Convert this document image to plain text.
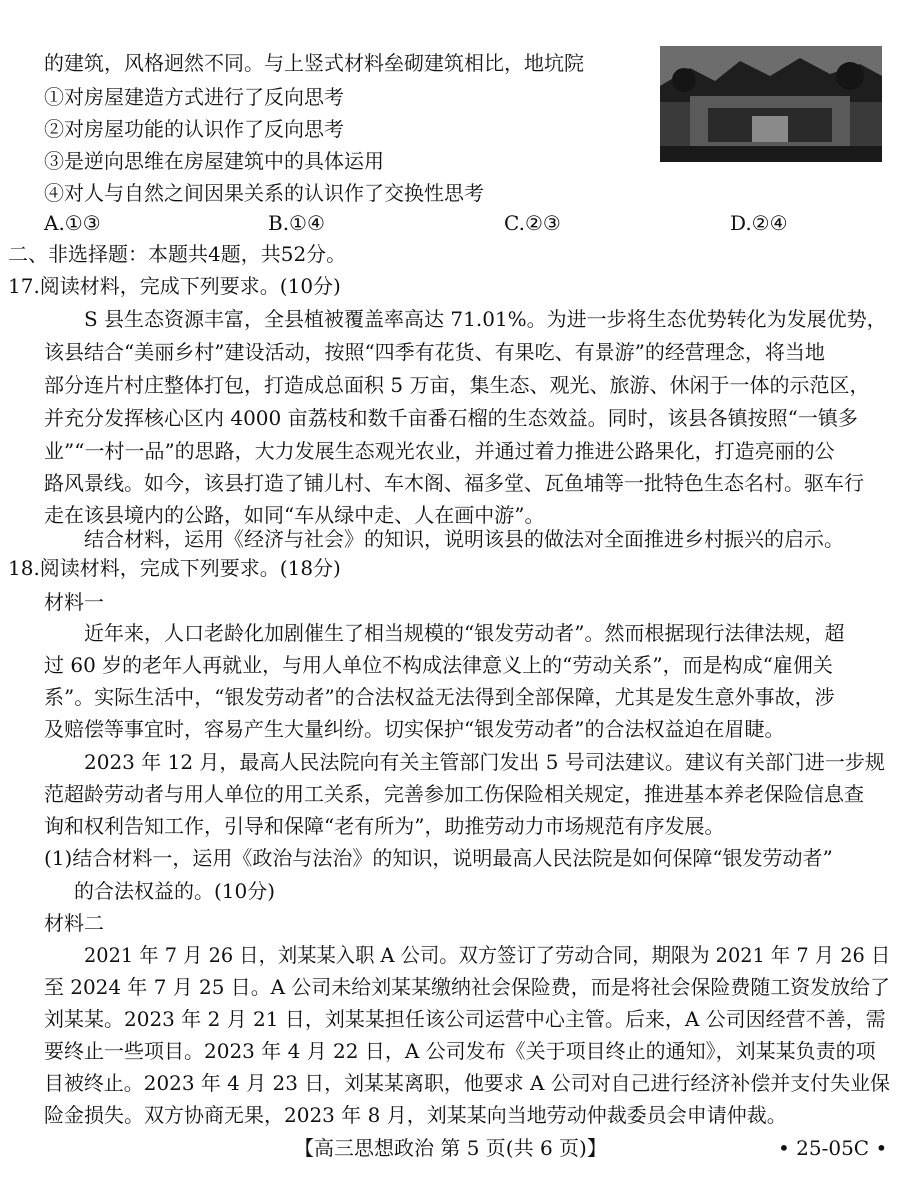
的建筑，风格迥然不同。与上竖式材料垒砌建筑相比，地坑院
①对房屋建造方式进行了反向思考
②对房屋功能的认识作了反向思考
③是逆向思维在房屋建筑中的具体运用
④对人与自然之间因果关系的认识作了交换性思考
A.①③	B.①④	C.②③	D.②④
二、非选择题：本题共4题，共52分。
17.阅读材料，完成下列要求。(10分)
S 县生态资源丰富，全县植被覆盖率高达 71.01%。为进一步将生态优势转化为发展优势，
该县结合“美丽乡村”建设活动，按照“四季有花货、有果吃、有景游”的经营理念，将当地
部分连片村庄整体打包，打造成总面积 5 万亩，集生态、观光、旅游、休闲于一体的示范区，
并充分发挥核心区内 4000 亩荔枝和数千亩番石榴的生态效益。同时，该县各镇按照“一镇多
业”“一村一品”的思路，大力发展生态观光农业，并通过着力推进公路果化，打造亮丽的公
路风景线。如今，该县打造了铺儿村、车木阁、福多堂、瓦鱼埔等一批特色生态名村。驱车行
走在该县境内的公路，如同“车从绿中走、人在画中游”。
结合材料，运用《经济与社会》的知识，说明该县的做法对全面推进乡村振兴的启示。
18.阅读材料，完成下列要求。(18分)
材料一
近年来，人口老龄化加剧催生了相当规模的“银发劳动者”。然而根据现行法律法规，超
过 60 岁的老年人再就业，与用人单位不构成法律意义上的“劳动关系”，而是构成“雇佣关
系”。实际生活中，“银发劳动者”的合法权益无法得到全部保障，尤其是发生意外事故，涉
及赔偿等事宜时，容易产生大量纠纷。切实保护“银发劳动者”的合法权益迫在眉睫。
2023 年 12 月，最高人民法院向有关主管部门发出 5 号司法建议。建议有关部门进一步规
范超龄劳动者与用人单位的用工关系，完善参加工伤保险相关规定，推进基本养老保险信息查
询和权利告知工作，引导和保障“老有所为”，助推劳动力市场规范有序发展。
(1)结合材料一，运用《政治与法治》的知识，说明最高人民法院是如何保障“银发劳动者”
的合法权益的。(10分)
材料二
2021 年 7 月 26 日，刘某某入职 A 公司。双方签订了劳动合同，期限为 2021 年 7 月 26 日
至 2024 年 7 月 25 日。A 公司未给刘某某缴纳社会保险费，而是将社会保险费随工资发放给了
刘某某。2023 年 2 月 21 日，刘某某担任该公司运营中心主管。后来，A 公司因经营不善，需
要终止一些项目。2023 年 4 月 22 日，A 公司发布《关于项目终止的通知》，刘某某负责的项
目被终止。2023 年 4 月 23 日，刘某某离职，他要求 A 公司对自己进行经济补偿并支付失业保
险金损失。双方协商无果，2023 年 8 月，刘某某向当地劳动仲裁委员会申请仲裁。
【高三思想政治 第 5 页(共 6 页)】	• 25-05C •
